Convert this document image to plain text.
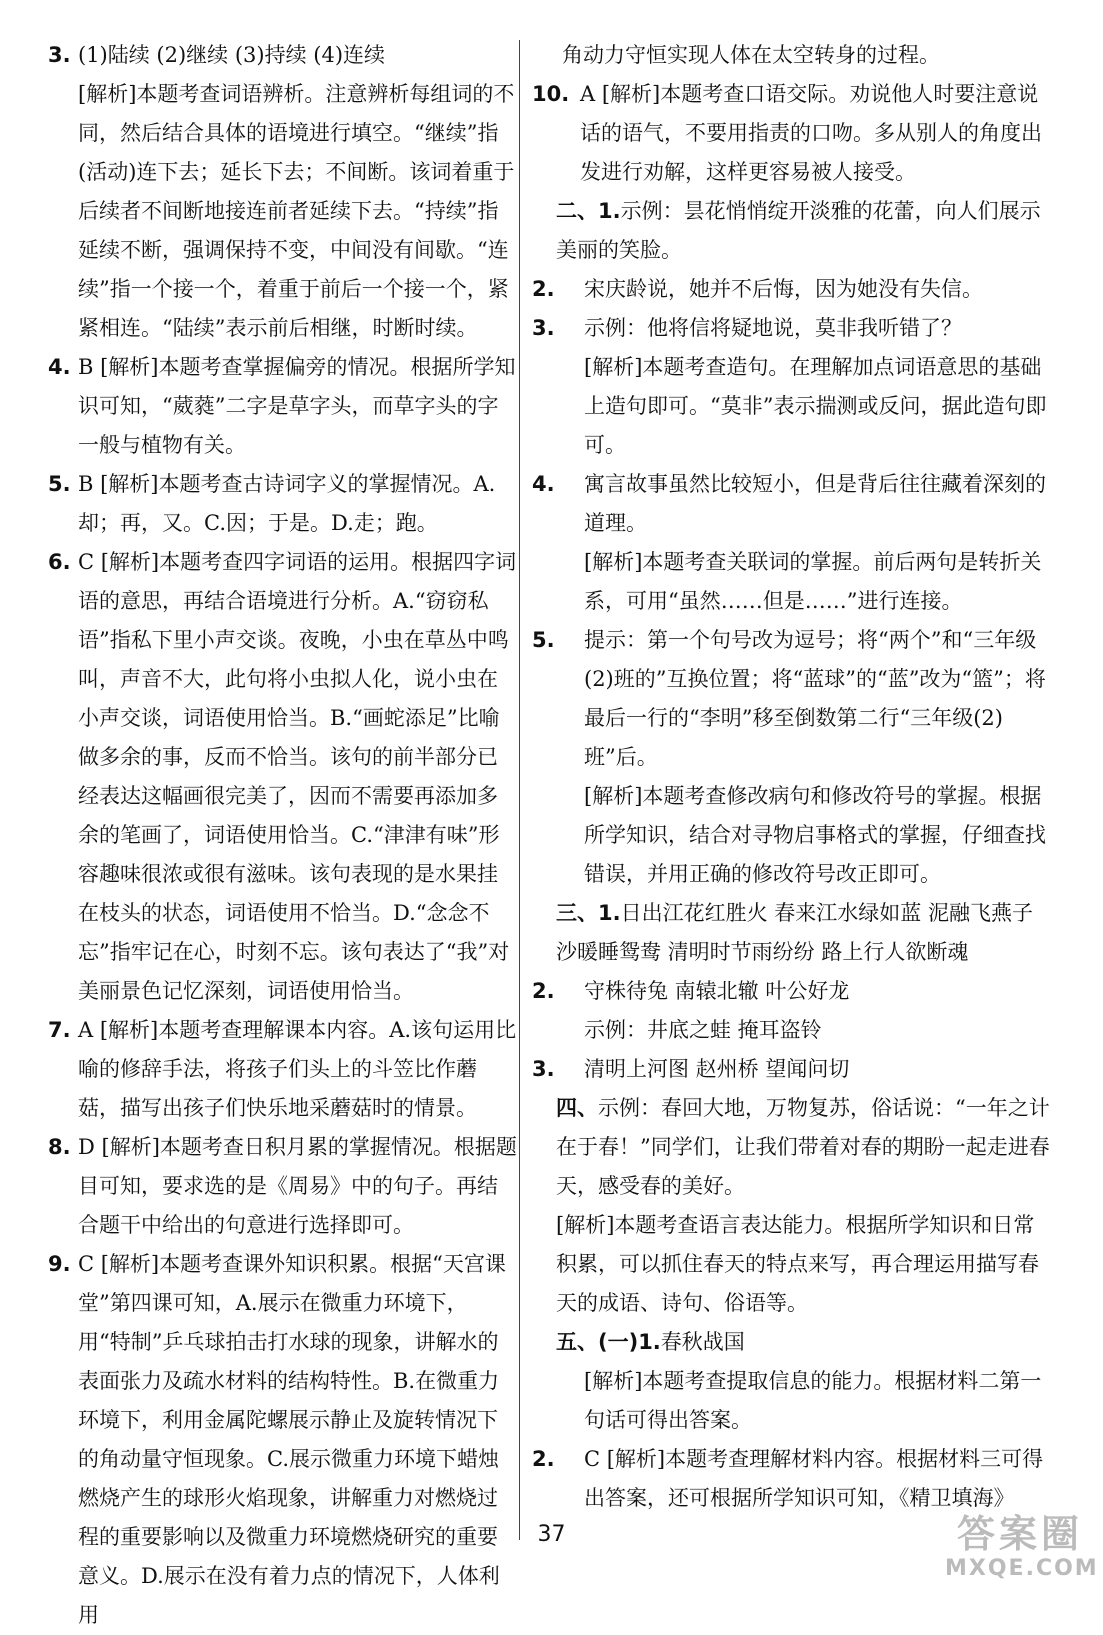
3. (1)陆续 (2)继续 (3)持续 (4)连续
[解析]本题考查词语辨析。注意辨析每组词的不同，然后结合具体的语境进行填空。“继续”指(活动)连下去；延长下去；不间断。该词着重于后续者不间断地接连前者延续下去。“持续”指延续不断，强调保持不变，中间没有间歇。“连续”指一个接一个，着重于前后一个接一个，紧紧相连。“陆续”表示前后相继，时断时续。
4. B [解析]本题考查掌握偏旁的情况。根据所学知识可知，“葳蕤”二字是草字头，而草字头的字一般与植物有关。
5. B [解析]本题考查古诗词字义的掌握情况。A.却；再，又。C.因；于是。D.走；跑。
6. C [解析]本题考查四字词语的运用。根据四字词语的意思，再结合语境进行分析。A.“窃窃私语”指私下里小声交谈。夜晚，小虫在草丛中鸣叫，声音不大，此句将小虫拟人化，说小虫在小声交谈，词语使用恰当。B.“画蛇添足”比喻做多余的事，反而不恰当。该句的前半部分已经表达这幅画很完美了，因而不需要再添加多余的笔画了，词语使用恰当。C.“津津有味”形容趣味很浓或很有滋味。该句表现的是水果挂在枝头的状态，词语使用不恰当。D.“念念不忘”指牢记在心，时刻不忘。该句表达了“我”对美丽景色记忆深刻，词语使用恰当。
7. A [解析]本题考查理解课本内容。A.该句运用比喻的修辞手法，将孩子们头上的斗笠比作蘑菇，描写出孩子们快乐地采蘑菇时的情景。
8. D [解析]本题考查日积月累的掌握情况。根据题目可知，要求选的是《周易》中的句子。再结合题干中给出的句意进行选择即可。
9. C [解析]本题考查课外知识积累。根据“天宫课堂”第四课可知，A.展示在微重力环境下，用“特制”乒乓球拍击打水球的现象，讲解水的表面张力及疏水材料的结构特性。B.在微重力环境下，利用金属陀螺展示静止及旋转情况下的角动量守恒现象。C.展示微重力环境下蜡烛燃烧产生的球形火焰现象，讲解重力对燃烧过程的重要影响以及微重力环境燃烧研究的重要意义。D.展示在没有着力点的情况下，人体利用
角动力守恒实现人体在太空转身的过程。
10. A [解析]本题考查口语交际。劝说他人时要注意说话的语气，不要用指责的口吻。多从别人的角度出发进行劝解，这样更容易被人接受。
二、1.示例：昙花悄悄绽开淡雅的花蕾，向人们展示美丽的笑脸。
2. 宋庆龄说，她并不后悔，因为她没有失信。
3. 示例：他将信将疑地说，莫非我听错了？
[解析]本题考查造句。在理解加点词语意思的基础上造句即可。“莫非”表示揣测或反问，据此造句即可。
4. 寓言故事虽然比较短小，但是背后往往藏着深刻的道理。
[解析]本题考查关联词的掌握。前后两句是转折关系，可用“虽然……但是……”进行连接。
5. 提示：第一个句号改为逗号；将“两个”和“三年级(2)班的”互换位置；将“蓝球”的“蓝”改为“篮”；将最后一行的“李明”移至倒数第二行“三年级(2)班”后。
[解析]本题考查修改病句和修改符号的掌握。根据所学知识，结合对寻物启事格式的掌握，仔细查找错误，并用正确的修改符号改正即可。
三、1.日出江花红胜火 春来江水绿如蓝 泥融飞燕子 沙暖睡鸳鸯 清明时节雨纷纷 路上行人欲断魂
2. 守株待兔 南辕北辙 叶公好龙
示例：井底之蛙 掩耳盗铃
3. 清明上河图 赵州桥 望闻问切
四、示例：春回大地，万物复苏，俗话说：“一年之计在于春！”同学们，让我们带着对春的期盼一起走进春天，感受春的美好。
[解析]本题考查语言表达能力。根据所学知识和日常积累，可以抓住春天的特点来写，再合理运用描写春天的成语、诗句、俗语等。
五、(一)1.春秋战国
[解析]本题考查提取信息的能力。根据材料二第一句话可得出答案。
2. C [解析]本题考查理解材料内容。根据材料三可得出答案，还可根据所学知识可知，《精卫填海》
37	答案圈
MXQE.COM
